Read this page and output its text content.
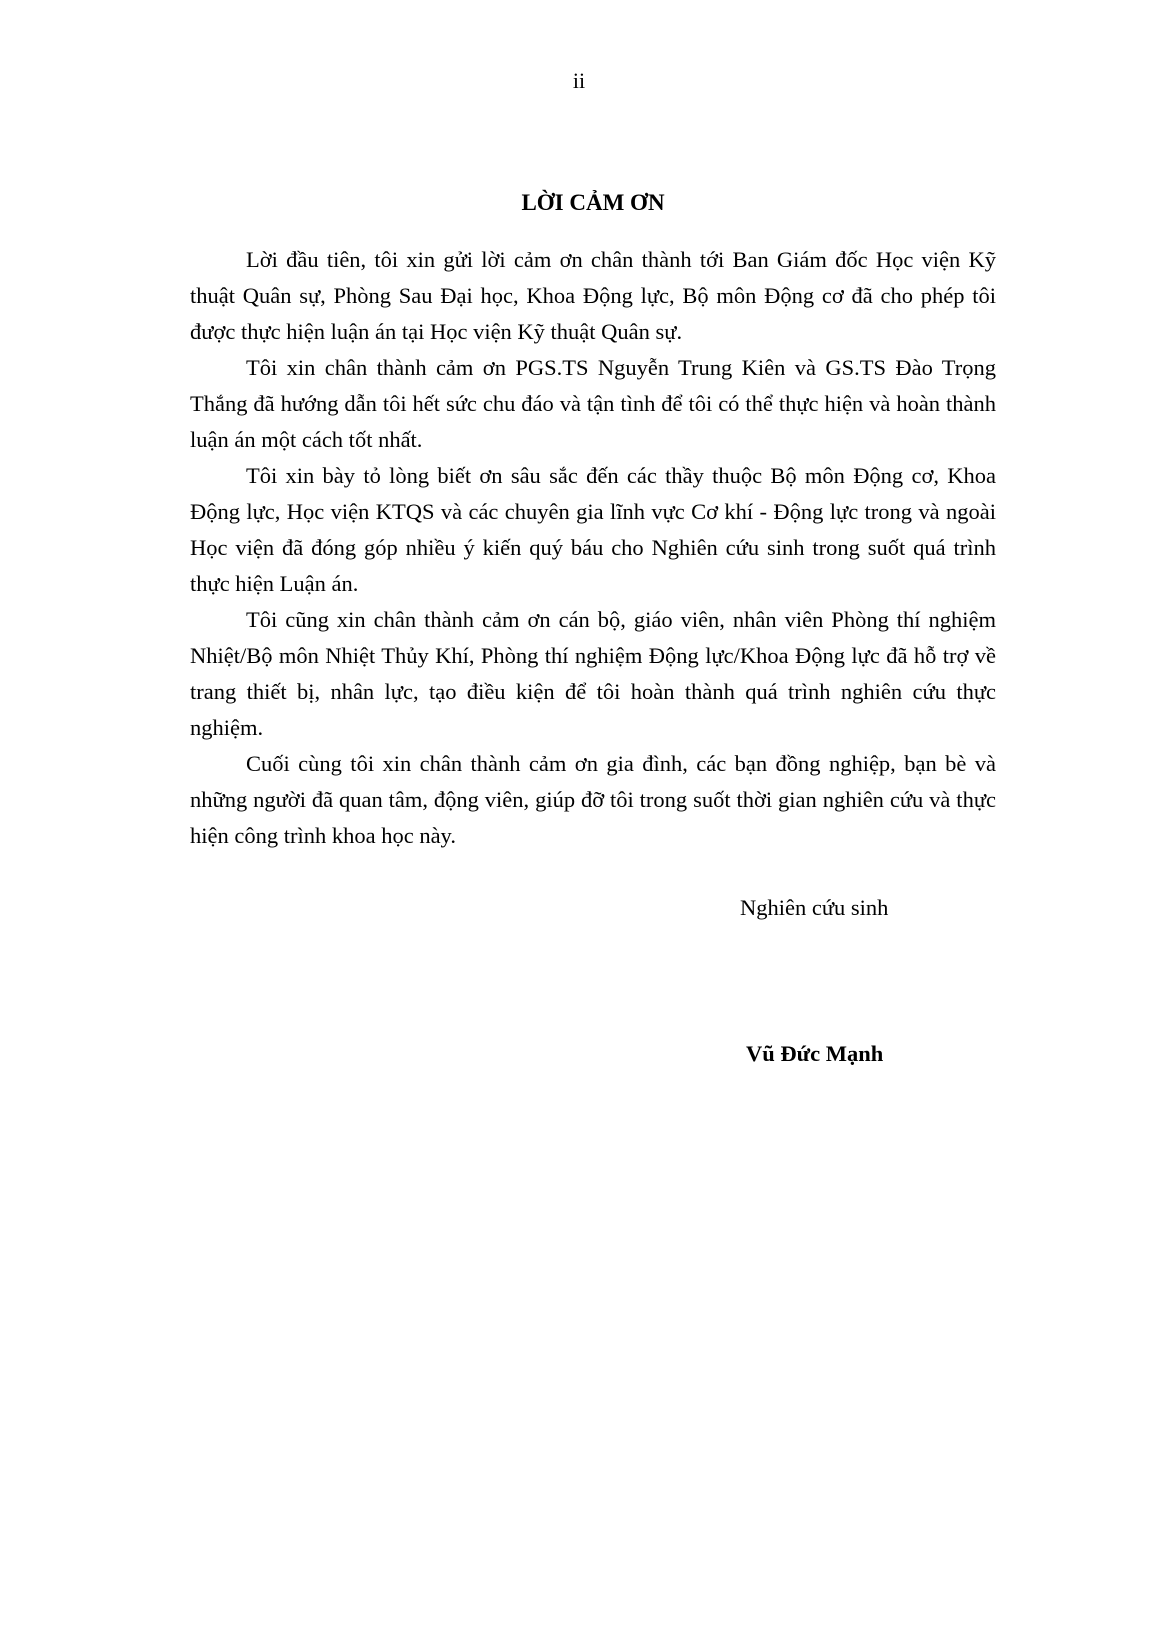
ii
LỜI CẢM ƠN

Lời đầu tiên, tôi xin gửi lời cảm ơn chân thành tới Ban Giám đốc Học viện Kỹ thuật Quân sự, Phòng Sau Đại học, Khoa Động lực, Bộ môn Động cơ đã cho phép tôi được thực hiện luận án tại Học viện Kỹ thuật Quân sự.

Tôi xin chân thành cảm ơn PGS.TS Nguyễn Trung Kiên và GS.TS Đào Trọng Thắng đã hướng dẫn tôi hết sức chu đáo và tận tình để tôi có thể thực hiện và hoàn thành luận án một cách tốt nhất.

Tôi xin bày tỏ lòng biết ơn sâu sắc đến các thầy thuộc Bộ môn Động cơ, Khoa Động lực, Học viện KTQS và các chuyên gia lĩnh vực Cơ khí - Động lực trong và ngoài Học viện đã đóng góp nhiều ý kiến quý báu cho Nghiên cứu sinh trong suốt quá trình thực hiện Luận án.

Tôi cũng xin chân thành cảm ơn cán bộ, giáo viên, nhân viên Phòng thí nghiệm Nhiệt/Bộ môn Nhiệt Thủy Khí, Phòng thí nghiệm Động lực/Khoa Động lực đã hỗ trợ về trang thiết bị, nhân lực, tạo điều kiện để tôi hoàn thành quá trình nghiên cứu thực nghiệm.

Cuối cùng tôi xin chân thành cảm ơn gia đình, các bạn đồng nghiệp, bạn bè và những người đã quan tâm, động viên, giúp đỡ tôi trong suốt thời gian nghiên cứu và thực hiện công trình khoa học này.

Nghiên cứu sinh
Vũ Đức Mạnh
